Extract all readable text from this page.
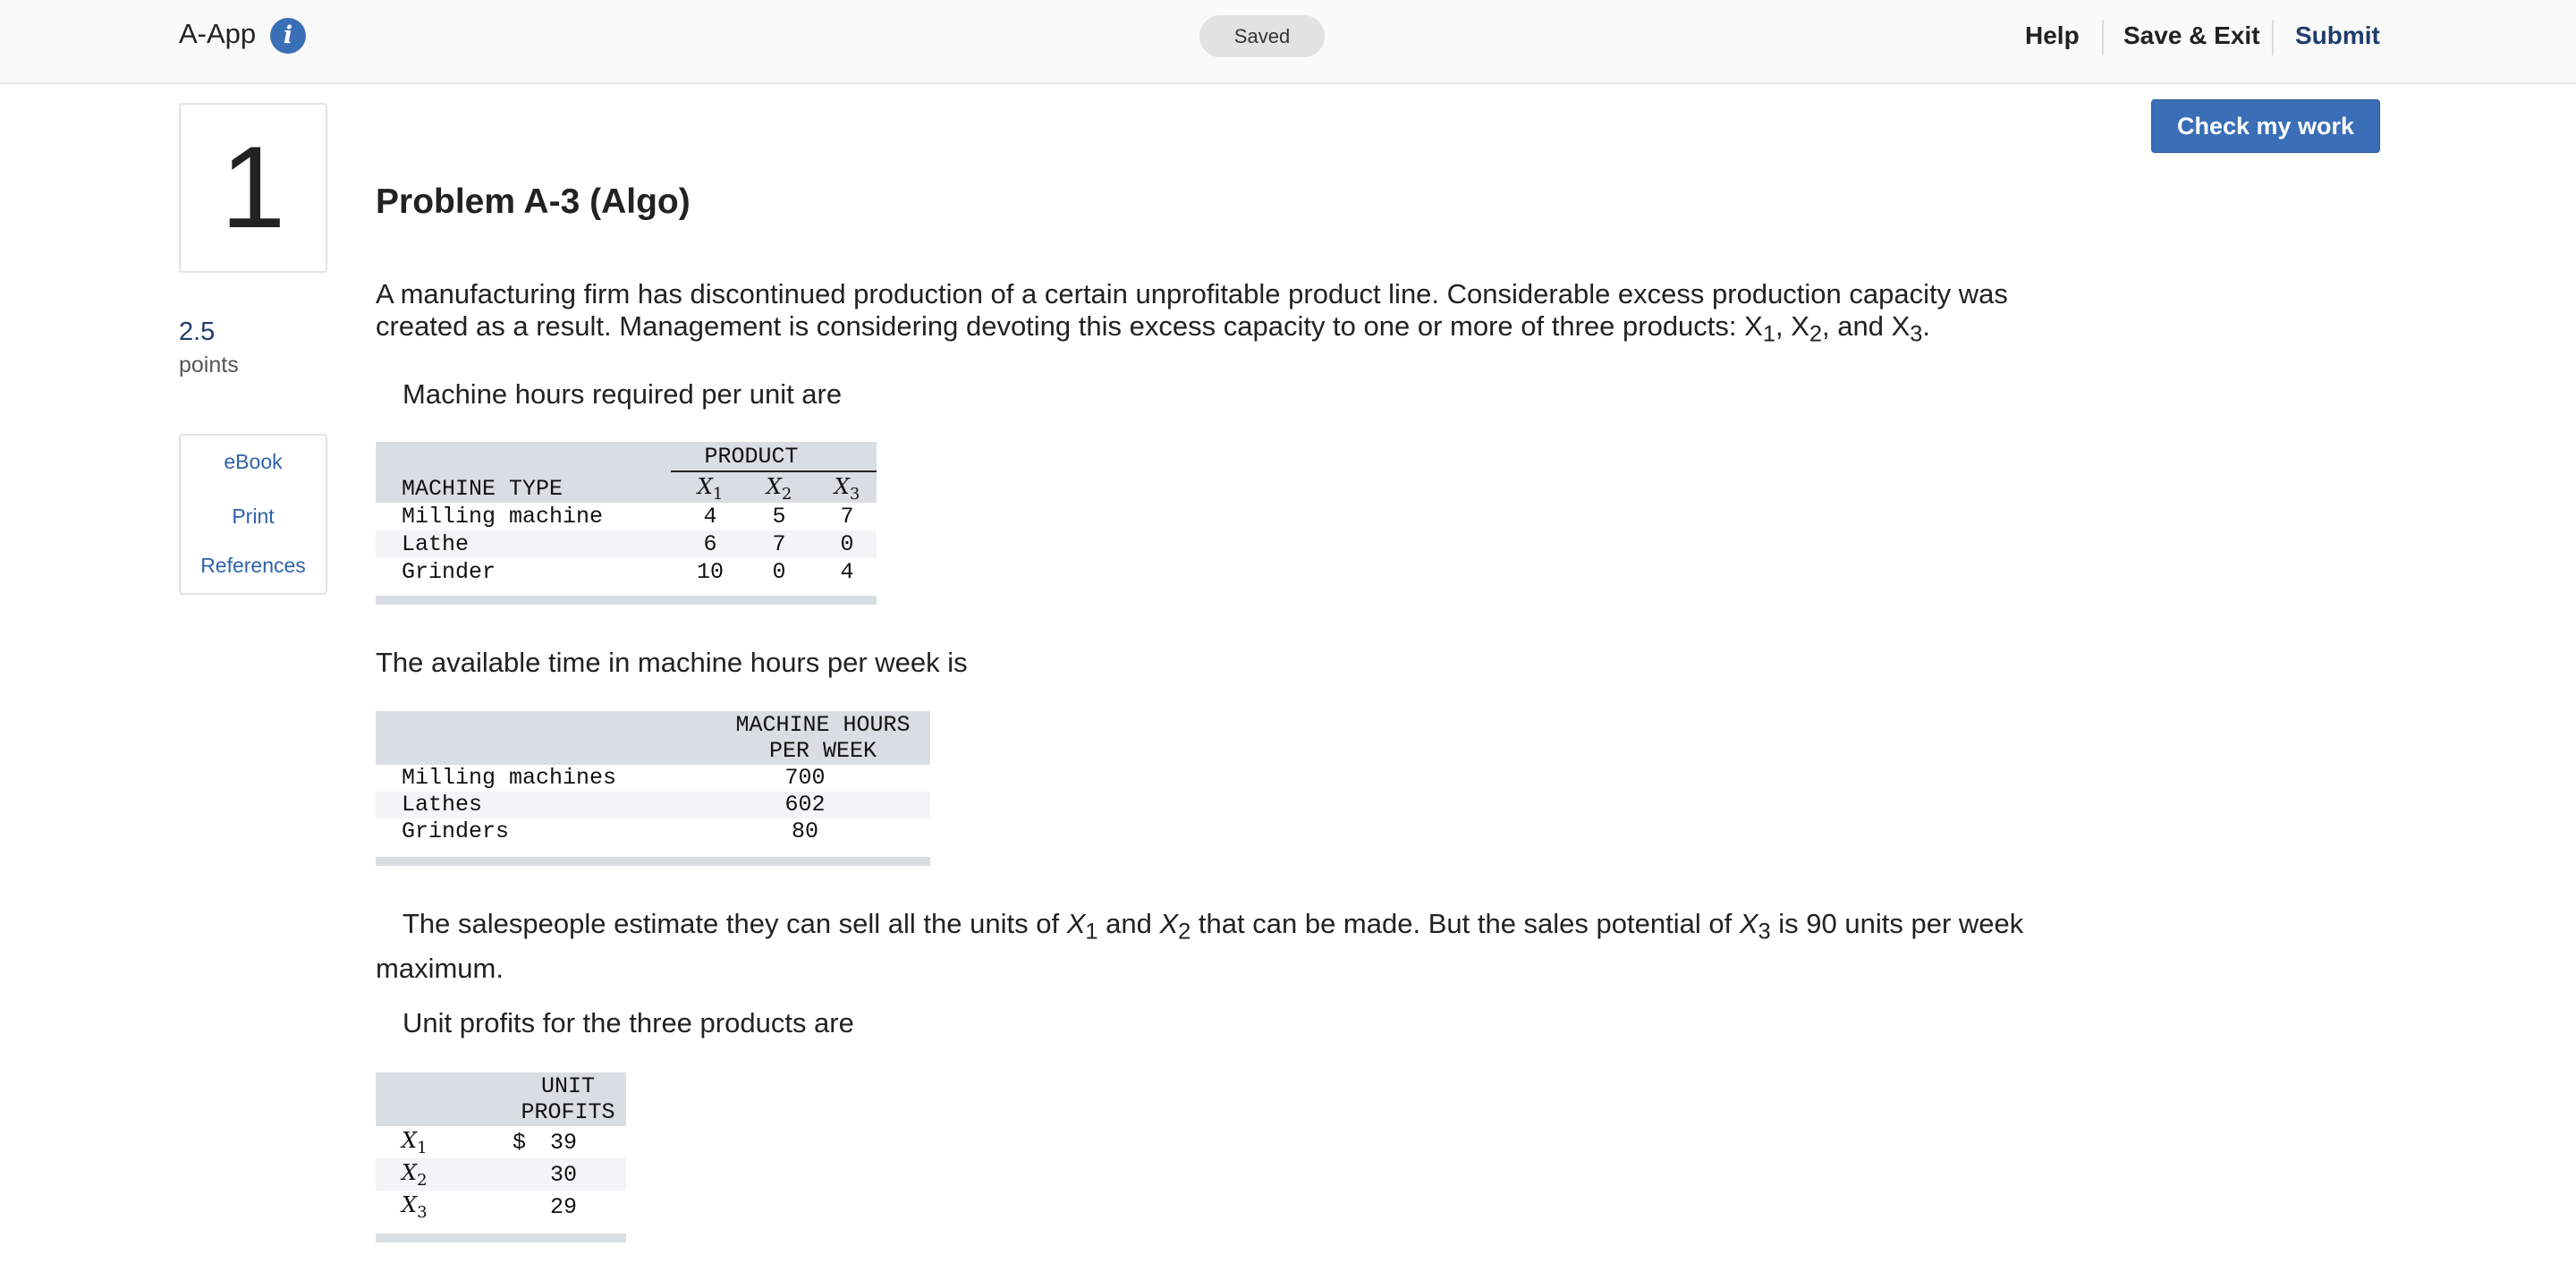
A-App	i	Saved	Help Save & Exit Submit
1
2.5
points
eBook
Print
References
Check my work
Problem A-3 (Algo)
A manufacturing firm has discontinued production of a certain unprofitable product line. Considerable excess production capacity was
created as a result. Management is considering devoting this excess capacity to one or more of three products: $X_1$, $X_2$, and $X_3$.
Machine hours required per unit are
PRODUCT
MACHINE TYPE	$X_1$ $X_2$ $X_3$
Milling machine	4	5	7
Lathe	6	7	0
Grinder	10	0	4
The available time in machine hours per week is
MACHINE HOURS
PER WEEK
Milling machines	700
Lathes	602
Grinders	80
The salespeople estimate they can sell all the units of $X_1$ and $X_2$ that can be made. But the sales potential of $X_3$ is 90 units per week
maximum.
Unit profits for the three products are
UNIT
PROFITS
$X_1$	$	39
$X_2$	30
$X_3$	29
